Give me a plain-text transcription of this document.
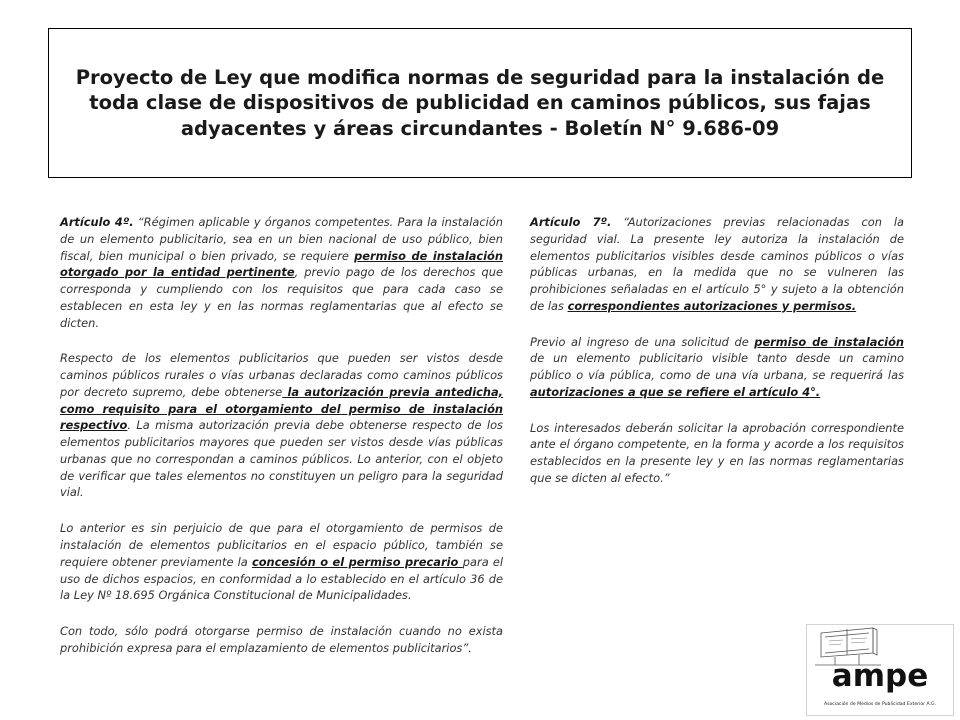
Proyecto de Ley que modifica normas de seguridad para la instalación de toda clase de dispositivos de publicidad en caminos públicos, sus fajas adyacentes y áreas circundantes - Boletín N° 9.686-09

Artículo 4º. “Régimen aplicable y órganos competentes. Para la instalación de un elemento publicitario, sea en un bien nacional de uso público, bien fiscal, bien municipal o bien privado, se requiere permiso de instalación otorgado por la entidad pertinente, previo pago de los derechos que corresponda y cumpliendo con los requisitos que para cada caso se establecen en esta ley y en las normas reglamentarias que al efecto se dicten.

Respecto de los elementos publicitarios que pueden ser vistos desde caminos públicos rurales o vías urbanas declaradas como caminos públicos por decreto supremo, debe obtenerse la autorización previa antedicha, como requisito para el otorgamiento del permiso de instalación respectivo. La misma autorización previa debe obtenerse respecto de los elementos publicitarios mayores que pueden ser vistos desde vías públicas urbanas que no correspondan a caminos públicos. Lo anterior, con el objeto de verificar que tales elementos no constituyen un peligro para la seguridad vial.

Lo anterior es sin perjuicio de que para el otorgamiento de permisos de instalación de elementos publicitarios en el espacio público, también se requiere obtener previamente la concesión o el permiso precario para el uso de dichos espacios, en conformidad a lo establecido en el artículo 36 de la Ley Nº 18.695 Orgánica Constitucional de Municipalidades.

Con todo, sólo podrá otorgarse permiso de instalación cuando no exista prohibición expresa para el emplazamiento de elementos publicitarios”.

Artículo 7º. “Autorizaciones previas relacionadas con la seguridad vial. La presente ley autoriza la instalación de elementos publicitarios visibles desde caminos públicos o vías públicas urbanas, en la medida que no se vulneren las prohibiciones señaladas en el artículo 5° y sujeto a la obtención de las correspondientes autorizaciones y permisos.

Previo al ingreso de una solicitud de permiso de instalación de un elemento publicitario visible tanto desde un camino público o vía pública, como de una vía urbana, se requerirá las autorizaciones a que se refiere el artículo 4°.

Los interesados deberán solicitar la aprobación correspondiente ante el órgano competente, en la forma y acorde a los requisitos establecidos en la presente ley y en las normas reglamentarias que se dicten al efecto.”

ampe
Asociación de Medios de Publicidad Exterior A.G.
